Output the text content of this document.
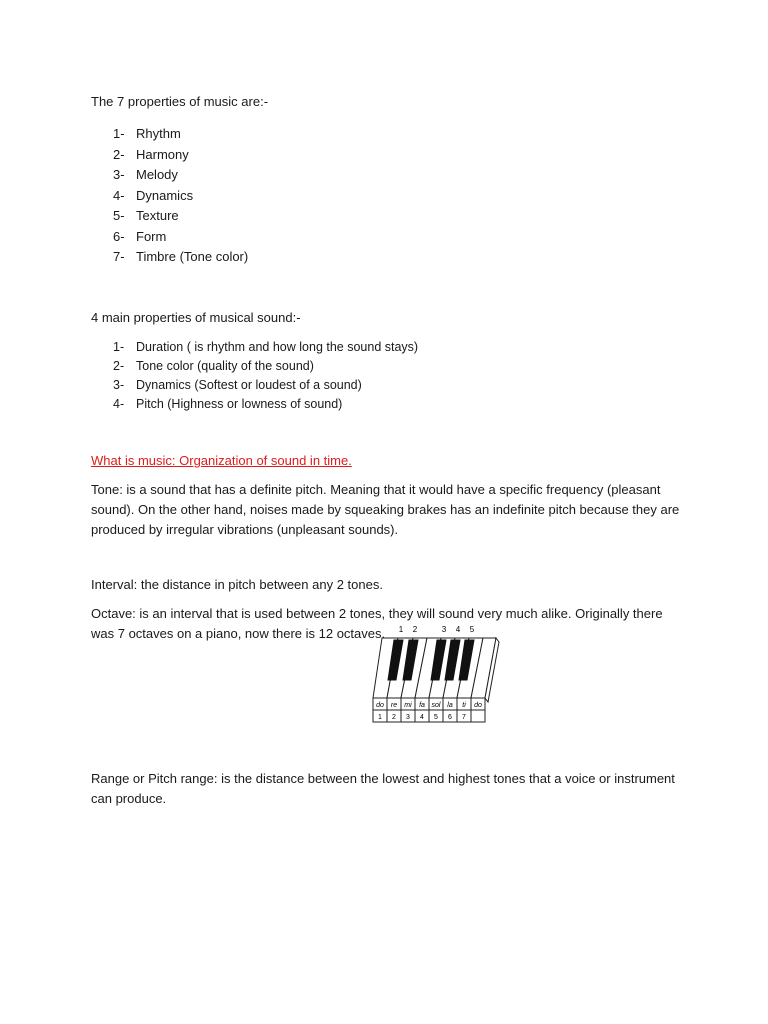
The 7 properties of music are:-

1- Rhythm
2- Harmony
3- Melody
4- Dynamics
5- Texture
6- Form
7- Timbre (Tone color)

4 main properties of musical sound:-

1- Duration ( is rhythm and how long the sound stays)
2- Tone color (quality of the sound)
3- Dynamics (Softest or loudest of a sound)
4- Pitch (Highness or lowness of sound)

What is music: Organization of sound in time.

Tone: is a sound that has a definite pitch. Meaning that it would have a specific frequency (pleasant sound). On the other hand, noises made by squeaking brakes has an indefinite pitch because they are produced by irregular vibrations (unpleasant sounds).

Interval: the distance in pitch between any 2 tones.

Octave: is an interval that is used between 2 tones, they will sound very much alike. Originally there was 7 octaves on a piano, now there is 12 octaves.	1 2	3 4 5
do re mi fa sol la ti do
1 2 3 4 5 6 7

Range or Pitch range: is the distance between the lowest and highest tones that a voice or instrument can produce.
